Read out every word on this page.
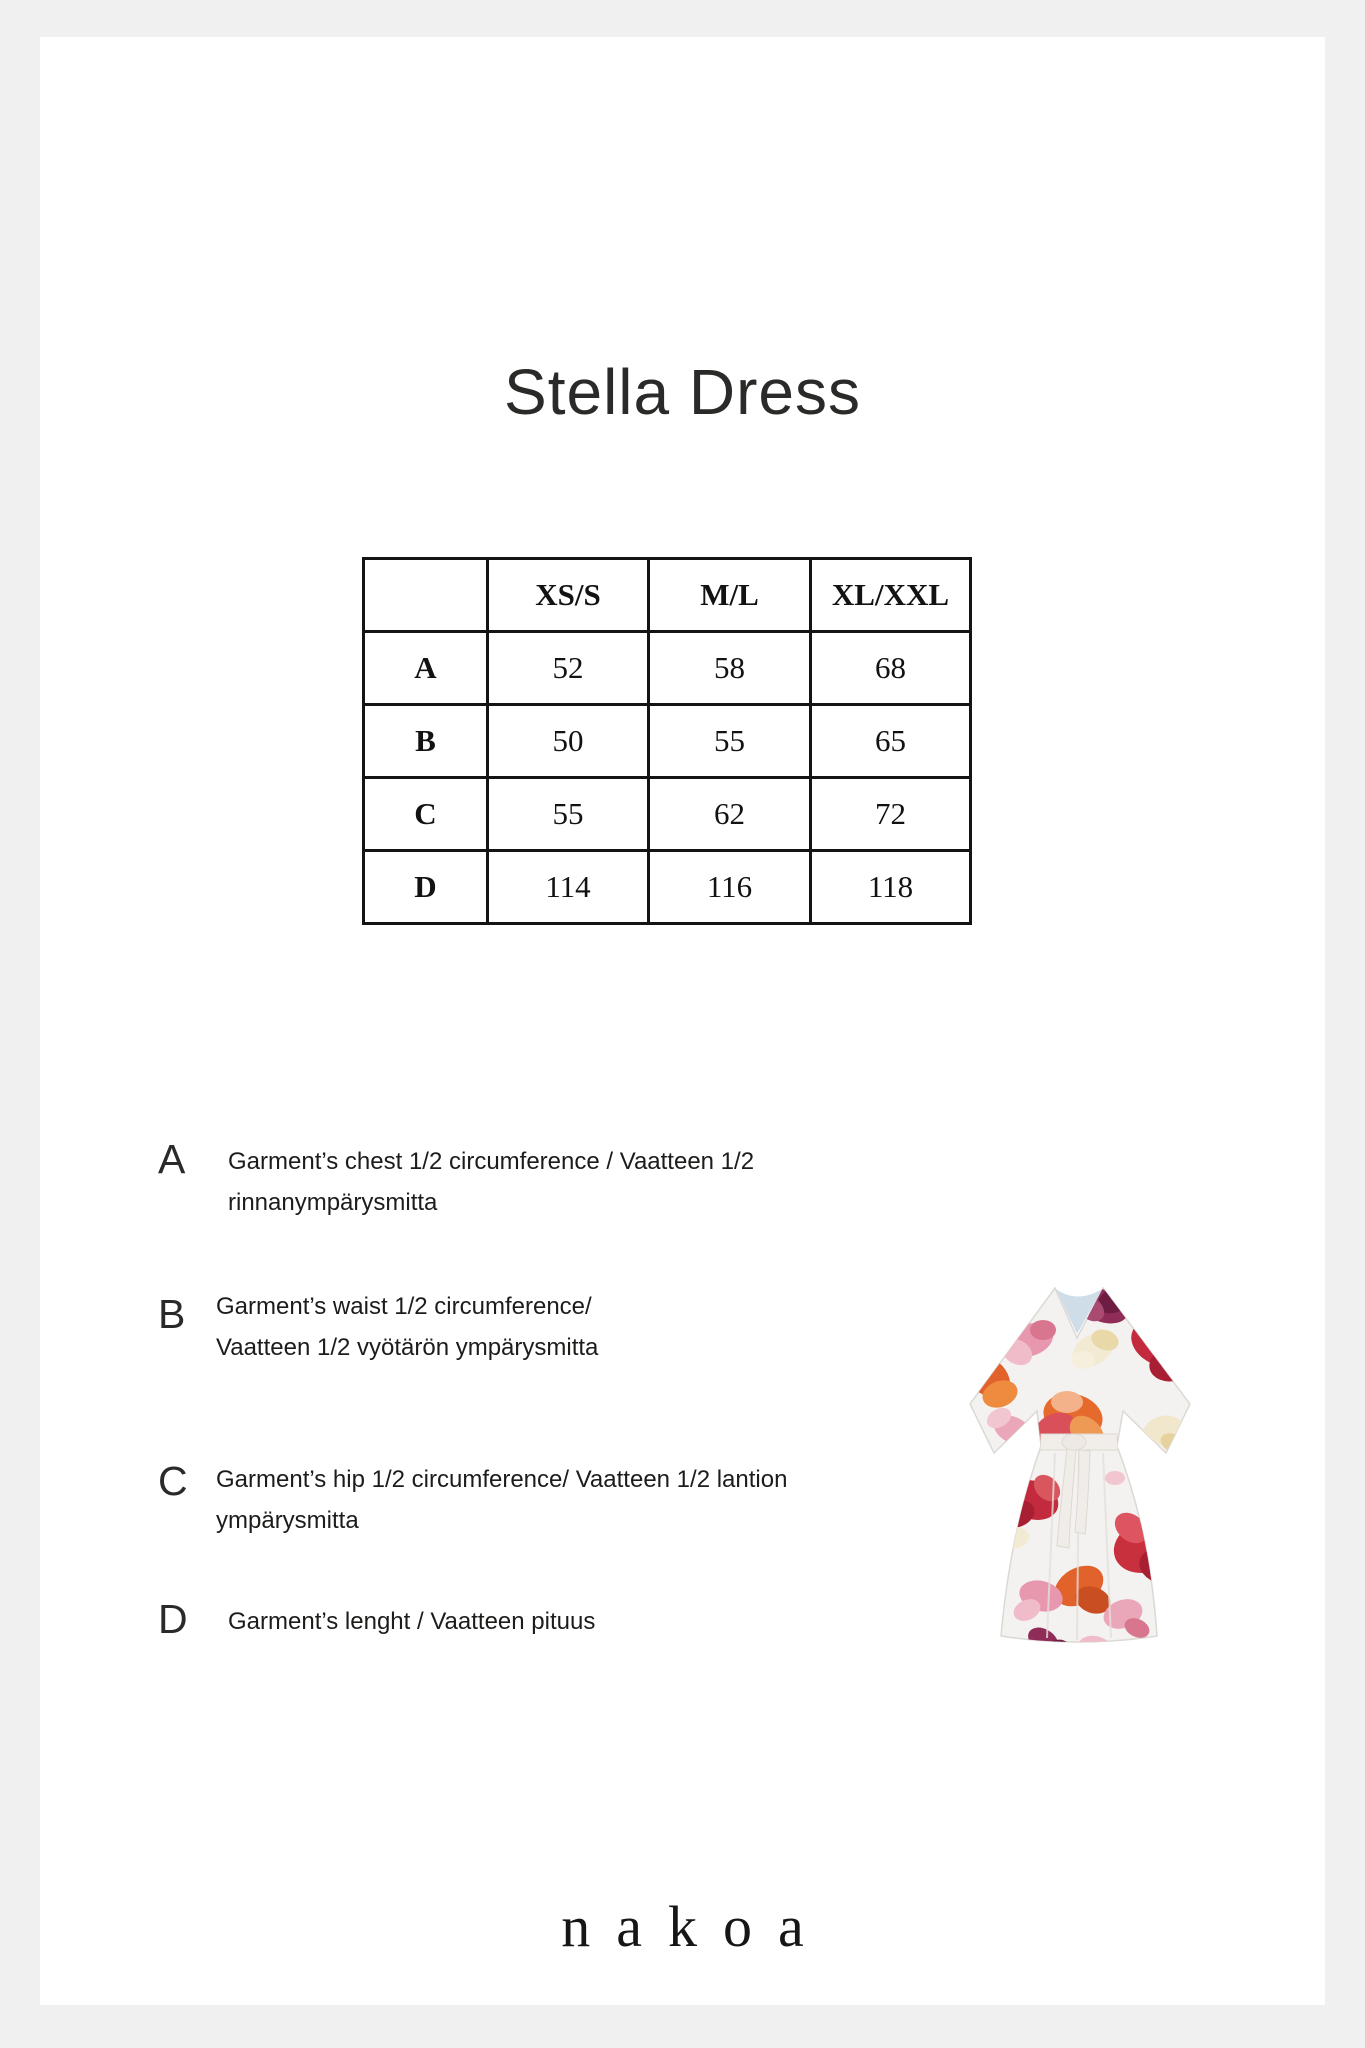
Stella Dress
	XS/S	M/L	XL/XXL
A	52	58	68
B	50	55	65
C	55	62	72
D	114	116	118
A	Garment’s chest 1/2 circumference / Vaatteen 1/2
rinnanympärysmitta
B	Garment’s waist 1/2 circumference/
Vaatteen 1/2 vyötärön ympärysmitta
C	Garment’s hip 1/2 circumference/ Vaatteen 1/2 lantion
ympärysmitta
D	Garment’s lenght / Vaatteen pituus
nakoa
